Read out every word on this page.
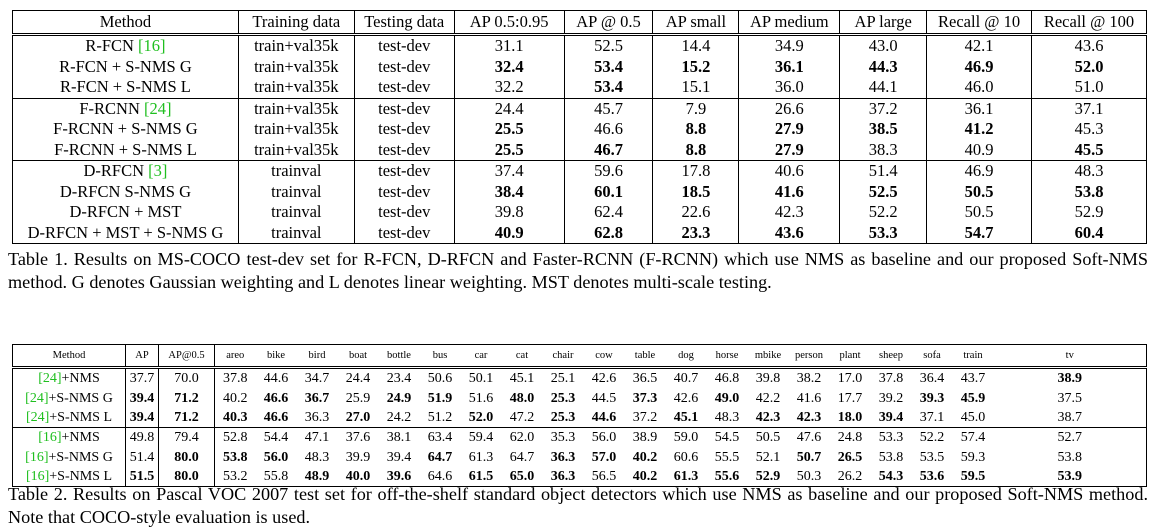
Method	Training data	Testing data	AP 0.5:0.95	AP @ 0.5	AP small	AP medium	AP large	Recall @ 10	Recall @ 100
R-FCN [16]	train+val35k	test-dev	31.1	52.5	14.4	34.9	43.0	42.1	43.6
R-FCN + S-NMS G	train+val35k	test-dev	32.4	53.4	15.2	36.1	44.3	46.9	52.0
R-FCN + S-NMS L	train+val35k	test-dev	32.2	53.4	15.1	36.0	44.1	46.0	51.0
F-RCNN [24]	train+val35k	test-dev	24.4	45.7	7.9	26.6	37.2	36.1	37.1
F-RCNN + S-NMS G	train+val35k	test-dev	25.5	46.6	8.8	27.9	38.5	41.2	45.3
F-RCNN + S-NMS L	train+val35k	test-dev	25.5	46.7	8.8	27.9	38.3	40.9	45.5
D-RFCN [3]	trainval	test-dev	37.4	59.6	17.8	40.6	51.4	46.9	48.3
D-RFCN S-NMS G	trainval	test-dev	38.4	60.1	18.5	41.6	52.5	50.5	53.8
D-RFCN + MST	trainval	test-dev	39.8	62.4	22.6	42.3	52.2	50.5	52.9
D-RFCN + MST + S-NMS G	trainval	test-dev	40.9	62.8	23.3	43.6	53.3	54.7	60.4
Table 1. Results on MS-COCO test-dev set for R-FCN, D-RFCN and Faster-RCNN (F-RCNN) which use NMS as baseline and our proposed Soft-NMS method. G denotes Gaussian weighting and L denotes linear weighting. MST denotes multi-scale testing.
Method	AP	AP@0.5	areo	bike	bird	boat	bottle	bus	car	cat	chair	cow	table	dog	horse	mbike	person	plant	sheep	sofa	train	tv
[24]+NMS	37.7	70.0	37.8	44.6	34.7	24.4	23.4	50.6	50.1	45.1	25.1	42.6	36.5	40.7	46.8	39.8	38.2	17.0	37.8	36.4	43.7	38.9
[24]+S-NMS G	39.4	71.2	40.2	46.6	36.7	25.9	24.9	51.9	51.6	48.0	25.3	44.5	37.3	42.6	49.0	42.2	41.6	17.7	39.2	39.3	45.9	37.5
[24]+S-NMS L	39.4	71.2	40.3	46.6	36.3	27.0	24.2	51.2	52.0	47.2	25.3	44.6	37.2	45.1	48.3	42.3	42.3	18.0	39.4	37.1	45.0	38.7
[16]+NMS	49.8	79.4	52.8	54.4	47.1	37.6	38.1	63.4	59.4	62.0	35.3	56.0	38.9	59.0	54.5	50.5	47.6	24.8	53.3	52.2	57.4	52.7
[16]+S-NMS G	51.4	80.0	53.8	56.0	48.3	39.9	39.4	64.7	61.3	64.7	36.3	57.0	40.2	60.6	55.5	52.1	50.7	26.5	53.8	53.5	59.3	53.8
[16]+S-NMS L	51.5	80.0	53.2	55.8	48.9	40.0	39.6	64.6	61.5	65.0	36.3	56.5	40.2	61.3	55.6	52.9	50.3	26.2	54.3	53.6	59.5	53.9
Table 2. Results on Pascal VOC 2007 test set for off-the-shelf standard object detectors which use NMS as baseline and our proposed Soft-NMS method. Note that COCO-style evaluation is used.
